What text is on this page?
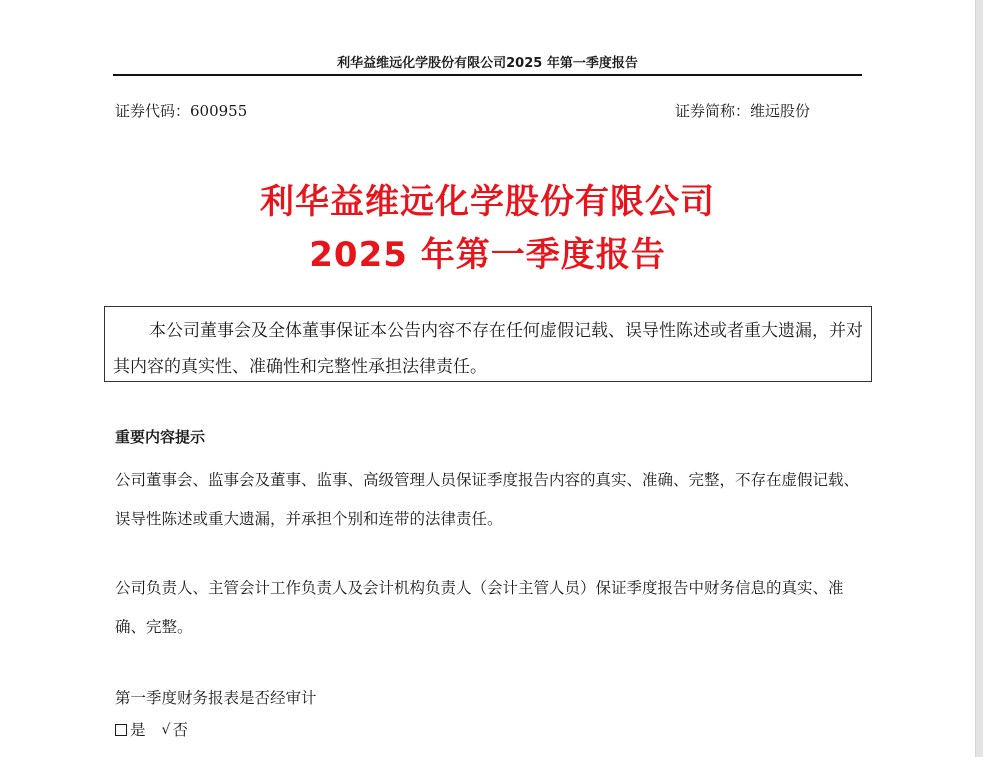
利华益维远化学股份有限公司2025 年第一季度报告
证券代码：600955	证券简称：维远股份
利华益维远化学股份有限公司
2025 年第一季度报告
本公司董事会及全体董事保证本公告内容不存在任何虚假记载、误导性陈述或者重大遗漏，并对其内容的真实性、准确性和完整性承担法律责任。
重要内容提示
公司董事会、监事会及董事、监事、高级管理人员保证季度报告内容的真实、准确、完整，不存在虚假记载、误导性陈述或重大遗漏，并承担个别和连带的法律责任。
公司负责人、主管会计工作负责人及会计机构负责人（会计主管人员）保证季度报告中财务信息的真实、准确、完整。
第一季度财务报表是否经审计
是 √ 否
